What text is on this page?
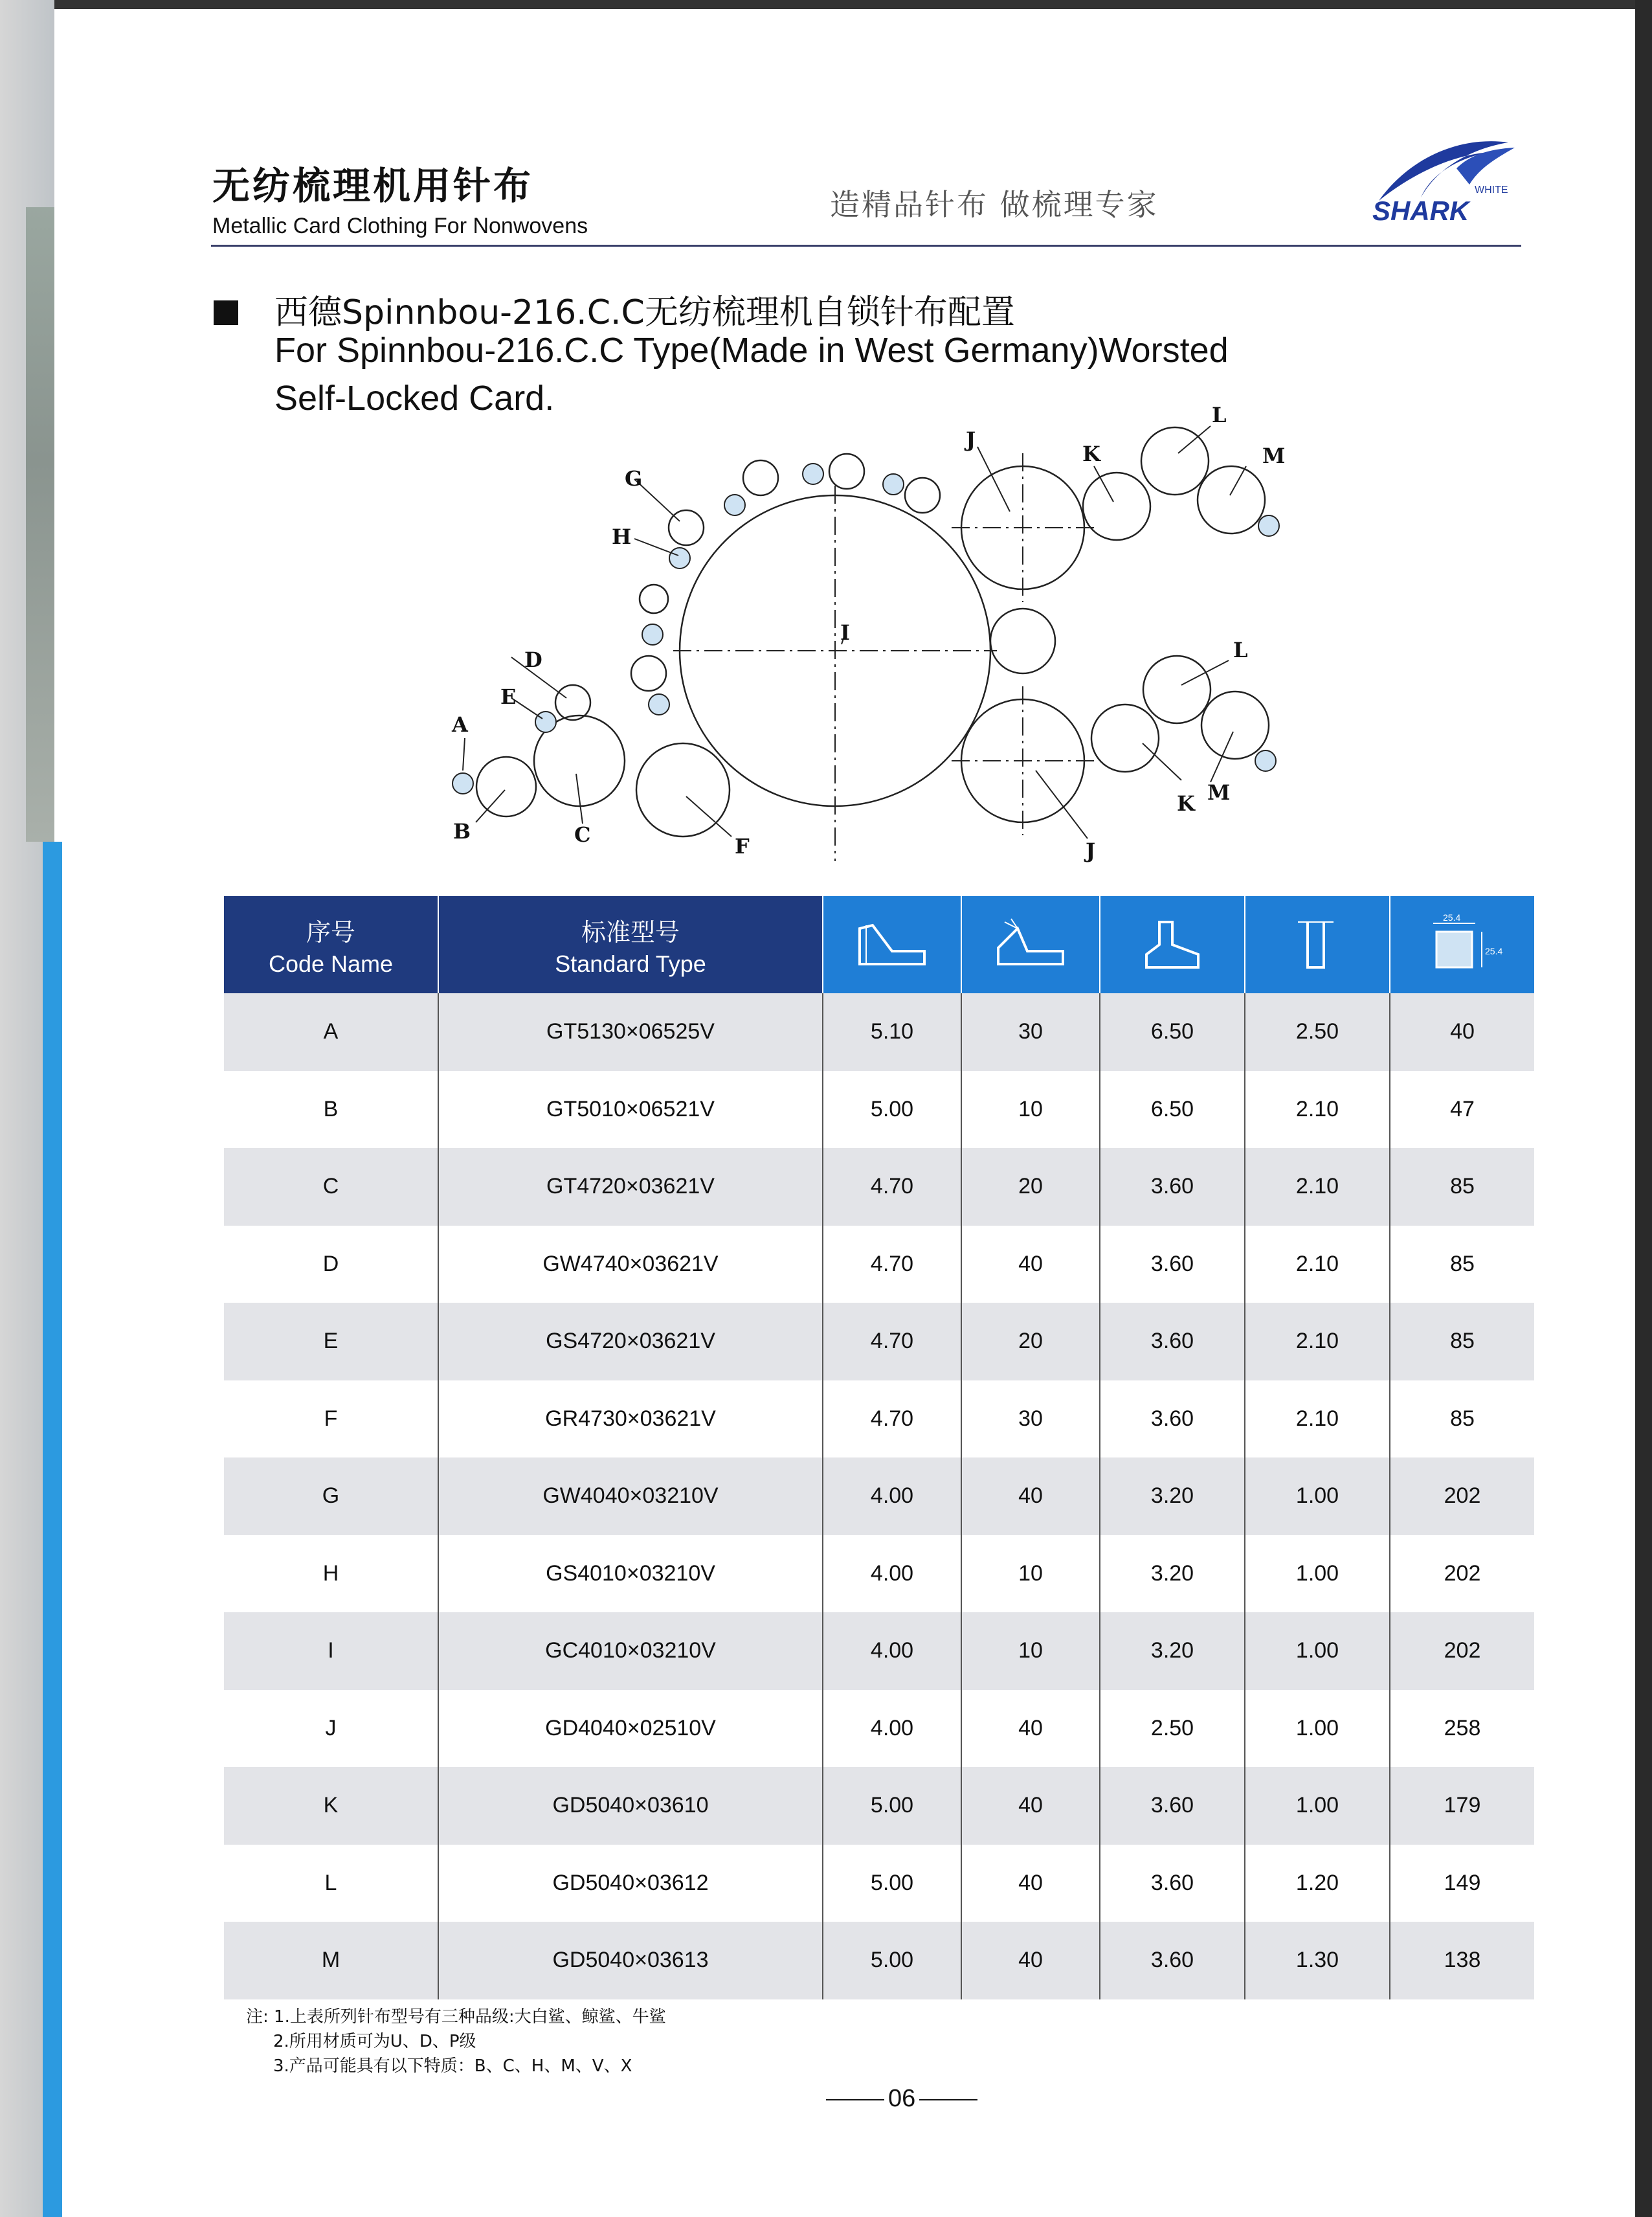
无纺梳理机用针布
Metallic Card Clothing For Nonwovens
造精品针布 做梳理专家	WHITE
SHARK
西德Spinnbou-216.C.C无纺梳理机自锁针布配置
For Spinnbou-216.C.C Type(Made in West Germany)Worsted
Self-Locked Card.
A
B	C
D
E
F
G
H
I
J
K
L
M
L
K M
J
序号
Code Name
标准型号
Standard Type
25.4
25.4
A	GT5130×06525V	5.10	30	6.50	2.50	40
B	GT5010×06521V	5.00	10	6.50	2.10	47
C	GT4720×03621V	4.70	20	3.60	2.10	85
D	GW4740×03621V	4.70	40	3.60	2.10	85
E	GS4720×03621V	4.70	20	3.60	2.10	85
F	GR4730×03621V	4.70	30	3.60	2.10	85
G	GW4040×03210V	4.00	40	3.20	1.00	202
H	GS4010×03210V	4.00	10	3.20	1.00	202
I	GC4010×03210V	4.00	10	3.20	1.00	202
J	GD4040×02510V	4.00	40	2.50	1.00	258
K	GD5040×03610	5.00	40	3.60	1.00	179
L	GD5040×03612	5.00	40	3.60	1.20	149
M	GD5040×03613	5.00	40	3.60	1.30	138
注: 1.上表所列针布型号有三种品级:大白鲨、鲸鲨、牛鲨
2.所用材质可为U、D、P级
3.产品可能具有以下特质：B、C、H、M、V、X
06
